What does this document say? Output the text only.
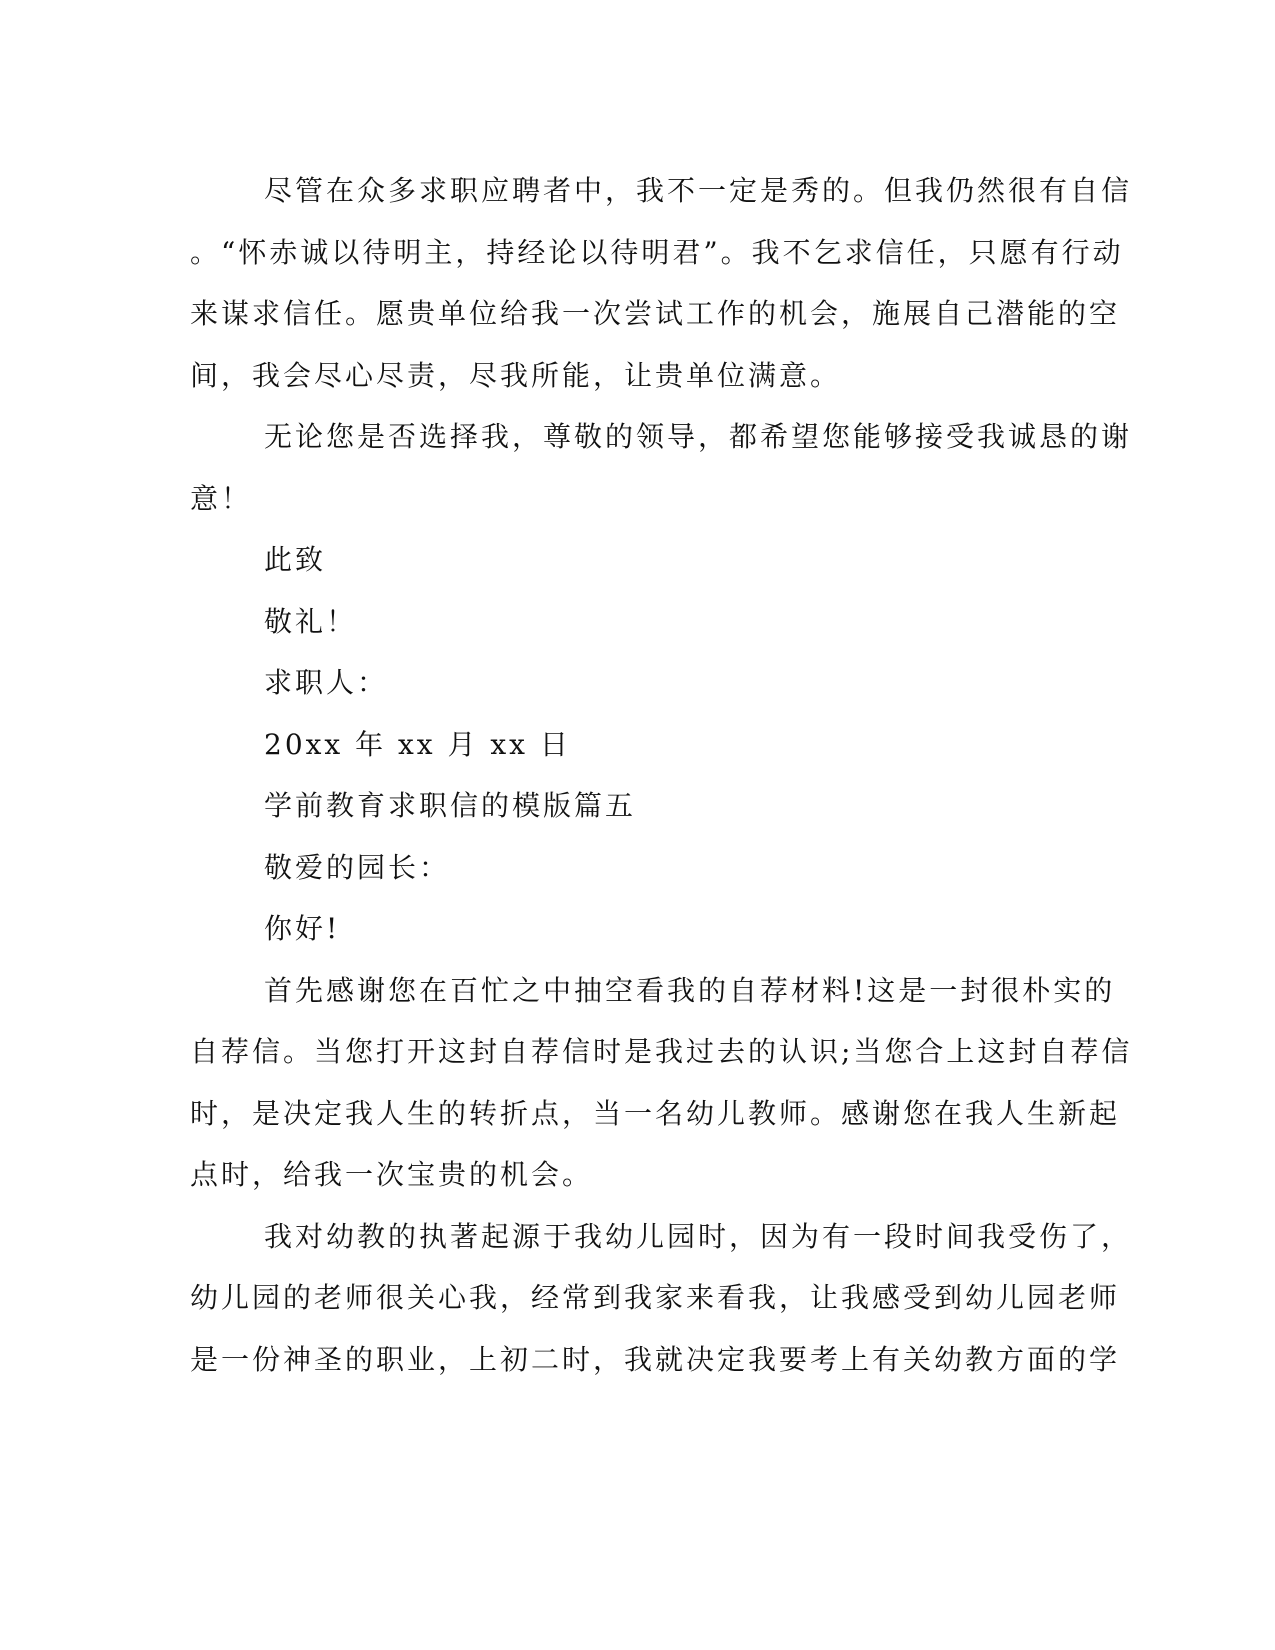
尽管在众多求职应聘者中，我不一定是秀的。但我仍然很有自信

。“怀赤诚以待明主，持经论以待明君”。我不乞求信任，只愿有行动

来谋求信任。愿贵单位给我一次尝试工作的机会，施展自己潜能的空

间，我会尽心尽责，尽我所能，让贵单位满意。

无论您是否选择我，尊敬的领导，都希望您能够接受我诚恳的谢

意！

此致

敬礼！

求职人：

20xx 年 xx 月 xx 日

学前教育求职信的模版篇五

敬爱的园长：

你好!

首先感谢您在百忙之中抽空看我的自荐材料!这是一封很朴实的

自荐信。当您打开这封自荐信时是我过去的认识;当您合上这封自荐信

时，是决定我人生的转折点，当一名幼儿教师。感谢您在我人生新起

点时，给我一次宝贵的机会。

我对幼教的执著起源于我幼儿园时，因为有一段时间我受伤了，

幼儿园的老师很关心我，经常到我家来看我，让我感受到幼儿园老师

是一份神圣的职业，上初二时，我就决定我要考上有关幼教方面的学
